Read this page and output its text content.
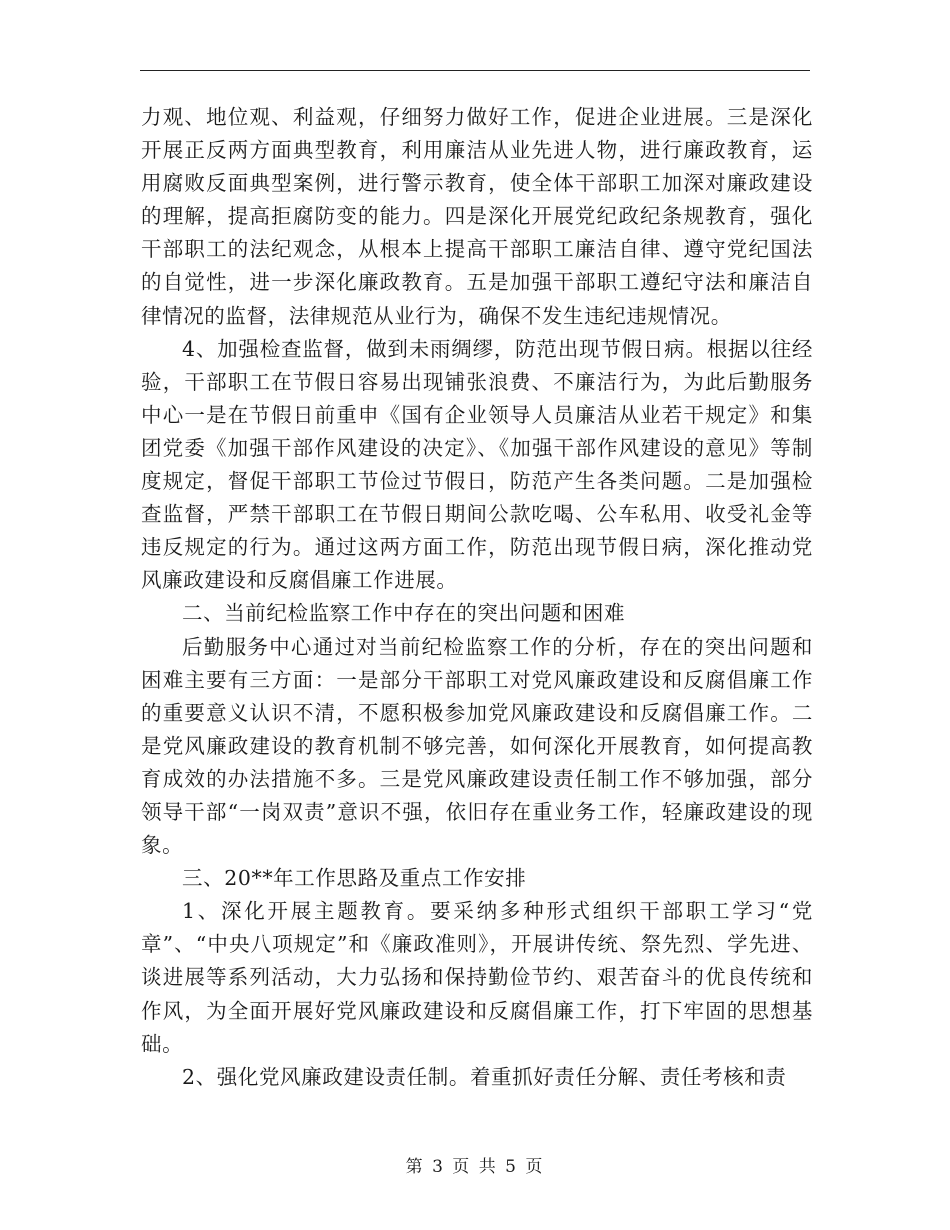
力观、地位观、利益观，仔细努力做好工作，促进企业进展。三是深化开展正反两方面典型教育，利用廉洁从业先进人物，进行廉政教育，运用腐败反面典型案例，进行警示教育，使全体干部职工加深对廉政建设的理解，提高拒腐防变的能力。四是深化开展党纪政纪条规教育，强化干部职工的法纪观念，从根本上提高干部职工廉洁自律、遵守党纪国法的自觉性，进一步深化廉政教育。五是加强干部职工遵纪守法和廉洁自律情况的监督，法律规范从业行为，确保不发生违纪违规情况。

4、加强检查监督，做到未雨绸缪，防范出现节假日病。根据以往经验，干部职工在节假日容易出现铺张浪费、不廉洁行为，为此后勤服务中心一是在节假日前重申《国有企业领导人员廉洁从业若干规定》和集团党委《加强干部作风建设的决定》、《加强干部作风建设的意见》等制度规定，督促干部职工节俭过节假日，防范产生各类问题。二是加强检查监督，严禁干部职工在节假日期间公款吃喝、公车私用、收受礼金等违反规定的行为。通过这两方面工作，防范出现节假日病，深化推动党风廉政建设和反腐倡廉工作进展。

二、当前纪检监察工作中存在的突出问题和困难

后勤服务中心通过对当前纪检监察工作的分析，存在的突出问题和困难主要有三方面：一是部分干部职工对党风廉政建设和反腐倡廉工作的重要意义认识不清，不愿积极参加党风廉政建设和反腐倡廉工作。二是党风廉政建设的教育机制不够完善，如何深化开展教育，如何提高教育成效的办法措施不多。三是党风廉政建设责任制工作不够加强，部分领导干部“一岗双责”意识不强，依旧存在重业务工作，轻廉政建设的现象。

三、20**年工作思路及重点工作安排

1、深化开展主题教育。要采纳多种形式组织干部职工学习“党章”、“中央八项规定”和《廉政准则》，开展讲传统、祭先烈、学先进、谈进展等系列活动，大力弘扬和保持勤俭节约、艰苦奋斗的优良传统和作风，为全面开展好党风廉政建设和反腐倡廉工作，打下牢固的思想基础。

2、强化党风廉政建设责任制。着重抓好责任分解、责任考核和责

第 3 页 共 5 页
